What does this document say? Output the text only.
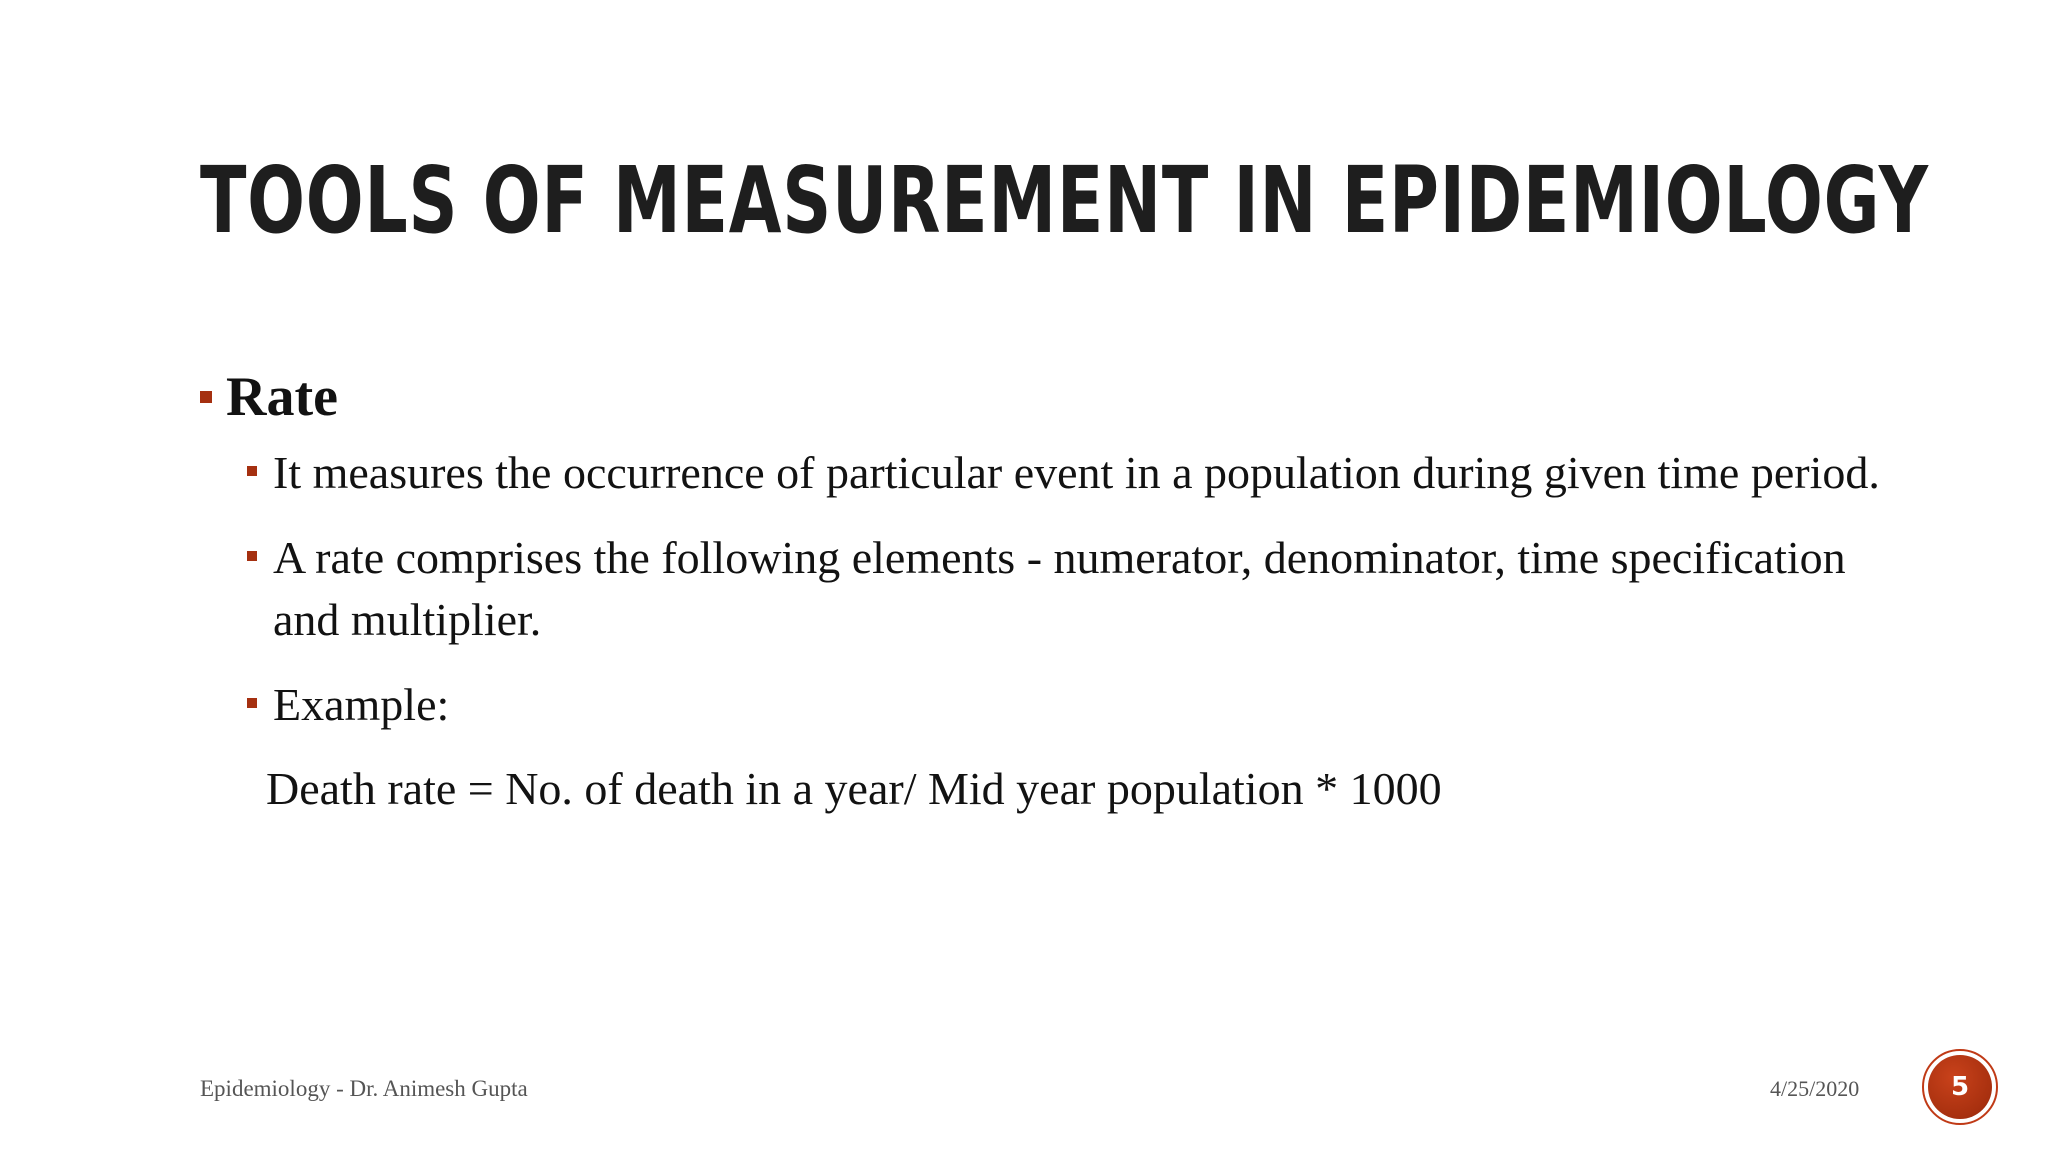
TOOLS OF MEASUREMENT IN EPIDEMIOLOGY
Rate
It measures the occurrence of particular event in a population during given time period.
A rate comprises the following elements - numerator, denominator, time specification and multiplier.
Example:
Death rate = No. of death in a year/ Mid year population * 1000
Epidemiology - Dr. Animesh Gupta	4/25/2020	5
